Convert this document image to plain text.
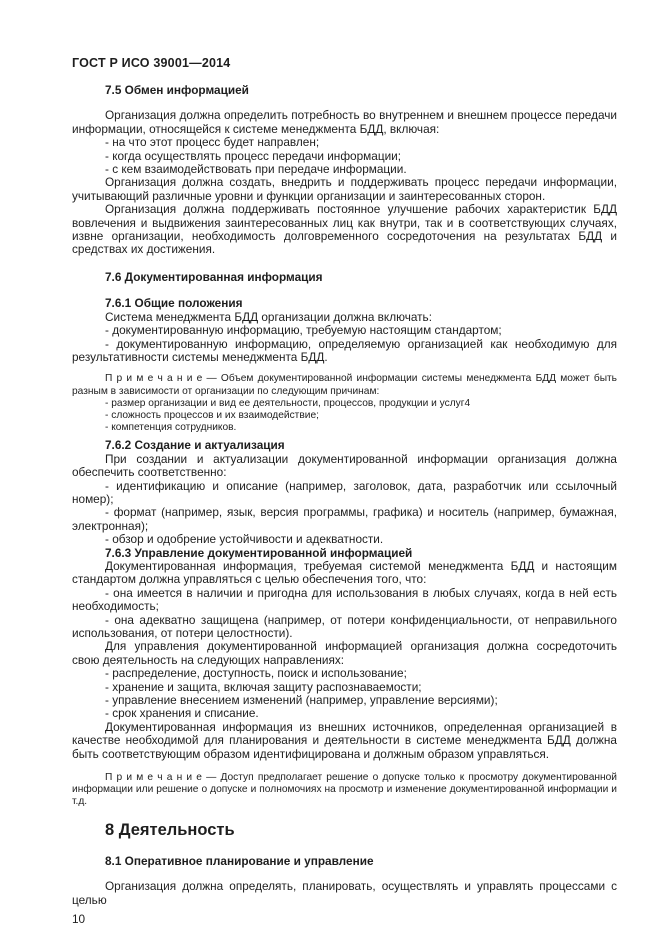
ГОСТ Р ИСО 39001—2014
7.5 Обмен информацией

Организация должна определить потребность во внутреннем и внешнем процессе передачи информации, относящейся к системе менеджмента БДД, включая:

- на что этот процесс будет направлен;

- когда осуществлять процесс передачи информации;

- с кем взаимодействовать при передаче информации.

Организация должна создать, внедрить и поддерживать процесс передачи информации, учитывающий различные уровни и функции организации и заинтересованных сторон.

Организация должна поддерживать постоянное улучшение рабочих характеристик БДД вовлечения и выдвижения заинтересованных лиц как внутри, так и в соответствующих случаях, извне организации, необходимость долговременного сосредоточения на результатах БДД и средствах их достижения.

7.6 Документированная информация
7.6.1 Общие положения

Система менеджмента БДД организации должна включать:

- документированную информацию, требуемую настоящим стандартом;

- документированную информацию, определяемую организацией как необходимую для результативности системы менеджмента БДД.

П р и м е ч а н и е — Объем документированной информации системы менеджмента БДД может быть разным в зависимости от организации по следующим причинам:

- размер организации и вид ее деятельности, процессов, продукции и услуг4

- сложность процессов и их взаимодействие;

- компетенция сотрудников.

7.6.2 Создание и актуализация

При создании и актуализации документированной информации организация должна обеспечить соответственно:

- идентификацию и описание (например, заголовок, дата, разработчик или ссылочный номер);

- формат (например, язык, версия программы, графика) и носитель (например, бумажная, электронная);

- обзор и одобрение устойчивости и адекватности.

7.6.3 Управление документированной информацией

Документированная информация, требуемая системой менеджмента БДД и настоящим стандартом должна управляться с целью обеспечения того, что:

- она имеется в наличии и пригодна для использования в любых случаях, когда в ней есть необходимость;

- она адекватно защищена (например, от потери конфиденциальности, от неправильного использования, от потери целостности).

Для управления документированной информацией организация должна сосредоточить свою деятельность на следующих направлениях:

- распределение, доступность, поиск и использование;

- хранение и защита, включая защиту распознаваемости;

- управление внесением изменений (например, управление версиями);

- срок хранения и списание.

Документированная информация из внешних источников, определенная организацией в качестве необходимой для планирования и деятельности в системе менеджмента БДД должна быть соответствующим образом идентифицирована и должным образом управляться.

П р и м е ч а н и е — Доступ предполагает решение о допуске только к просмотру документированной информации или решение о допуске и полномочиях на просмотр и изменение документированной информации и т.д.

8 Деятельность
8.1 Оперативное планирование и управление

Организация должна определять, планировать, осуществлять и управлять процессами с целью

10
